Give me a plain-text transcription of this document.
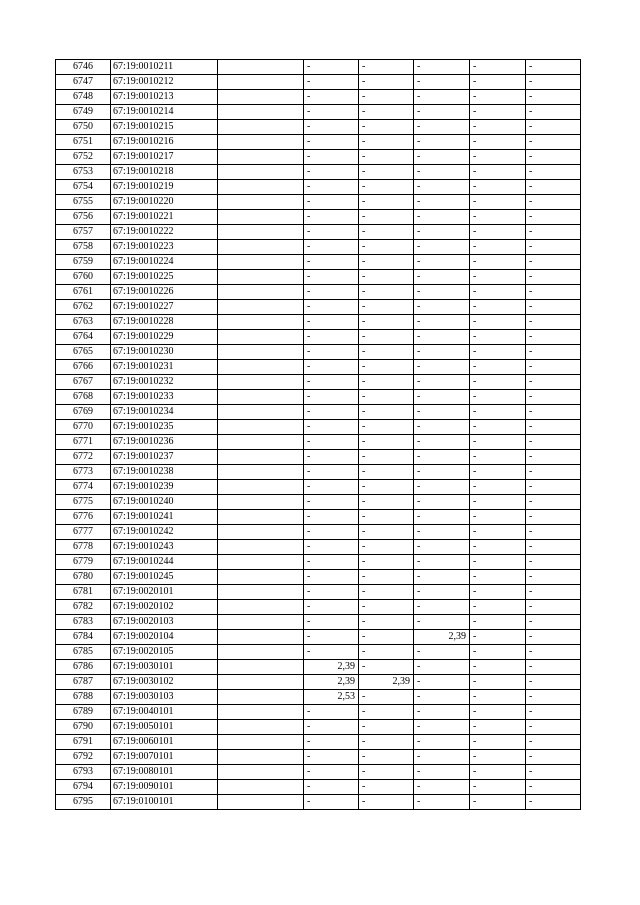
6746	67:19:0010211		-	-	-	-	-
6747	67:19:0010212		-	-	-	-	-
6748	67:19:0010213		-	-	-	-	-
6749	67:19:0010214		-	-	-	-	-
6750	67:19:0010215		-	-	-	-	-
6751	67:19:0010216		-	-	-	-	-
6752	67:19:0010217		-	-	-	-	-
6753	67:19:0010218		-	-	-	-	-
6754	67:19:0010219		-	-	-	-	-
6755	67:19:0010220		-	-	-	-	-
6756	67:19:0010221		-	-	-	-	-
6757	67:19:0010222		-	-	-	-	-
6758	67:19:0010223		-	-	-	-	-
6759	67:19:0010224		-	-	-	-	-
6760	67:19:0010225		-	-	-	-	-
6761	67:19:0010226		-	-	-	-	-
6762	67:19:0010227		-	-	-	-	-
6763	67:19:0010228		-	-	-	-	-
6764	67:19:0010229		-	-	-	-	-
6765	67:19:0010230		-	-	-	-	-
6766	67:19:0010231		-	-	-	-	-
6767	67:19:0010232		-	-	-	-	-
6768	67:19:0010233		-	-	-	-	-
6769	67:19:0010234		-	-	-	-	-
6770	67:19:0010235		-	-	-	-	-
6771	67:19:0010236		-	-	-	-	-
6772	67:19:0010237		-	-	-	-	-
6773	67:19:0010238		-	-	-	-	-
6774	67:19:0010239		-	-	-	-	-
6775	67:19:0010240		-	-	-	-	-
6776	67:19:0010241		-	-	-	-	-
6777	67:19:0010242		-	-	-	-	-
6778	67:19:0010243		-	-	-	-	-
6779	67:19:0010244		-	-	-	-	-
6780	67:19:0010245		-	-	-	-	-
6781	67:19:0020101		-	-	-	-	-
6782	67:19:0020102		-	-	-	-	-
6783	67:19:0020103		-	-	-	-	-
6784	67:19:0020104		-	-	2,39	-	-
6785	67:19:0020105		-	-	-	-	-
6786	67:19:0030101		2,39	-	-	-	-
6787	67:19:0030102		2,39	2,39	-	-	-
6788	67:19:0030103		2,53	-	-	-	-
6789	67:19:0040101		-	-	-	-	-
6790	67:19:0050101		-	-	-	-	-
6791	67:19:0060101		-	-	-	-	-
6792	67:19:0070101		-	-	-	-	-
6793	67:19:0080101		-	-	-	-	-
6794	67:19:0090101		-	-	-	-	-
6795	67:19:0100101		-	-	-	-	-
